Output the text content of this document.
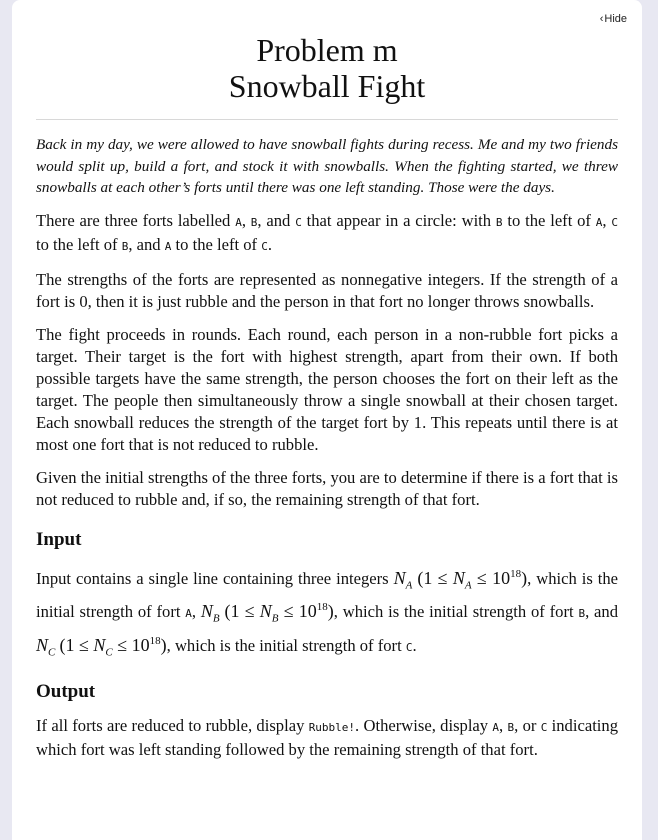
‹Hide
Problem m
Snowball Fight

Back in my day, we were allowed to have snowball fights during recess. Me and my two friends would split up, build a fort, and stock it with snowballs. When the fighting started, we threw snowballs at each other’s forts until there was one left standing. Those were the days.

There are three forts labelled A, B, and C that appear in a circle: with B to the left of A, C to the left of B, and A to the left of C.

The strengths of the forts are represented as nonnegative integers. If the strength of a fort is 0, then it is just rubble and the person in that fort no longer throws snowballs.

The fight proceeds in rounds. Each round, each person in a non-rubble fort picks a target. Their target is the fort with highest strength, apart from their own. If both possible targets have the same strength, the person chooses the fort on their left as the target. The people then simultaneously throw a single snowball at their chosen target. Each snowball reduces the strength of the target fort by 1. This repeats until there is at most one fort that is not reduced to rubble.

Given the initial strengths of the three forts, you are to determine if there is a fort that is not reduced to rubble and, if so, the remaining strength of that fort.

Input

Input contains a single line containing three integers $N_A$ $(1 \le N_A \le 10^{18})$, which is the initial strength of fort A, $N_B$ $(1 \le N_B \le 10^{18})$, which is the initial strength of fort B, and $N_C$ $(1 \le N_C \le 10^{18})$, which is the initial strength of fort C.

Output

If all forts are reduced to rubble, display Rubble!. Otherwise, display A, B, or C indicating which fort was left standing followed by the remaining strength of that fort.
